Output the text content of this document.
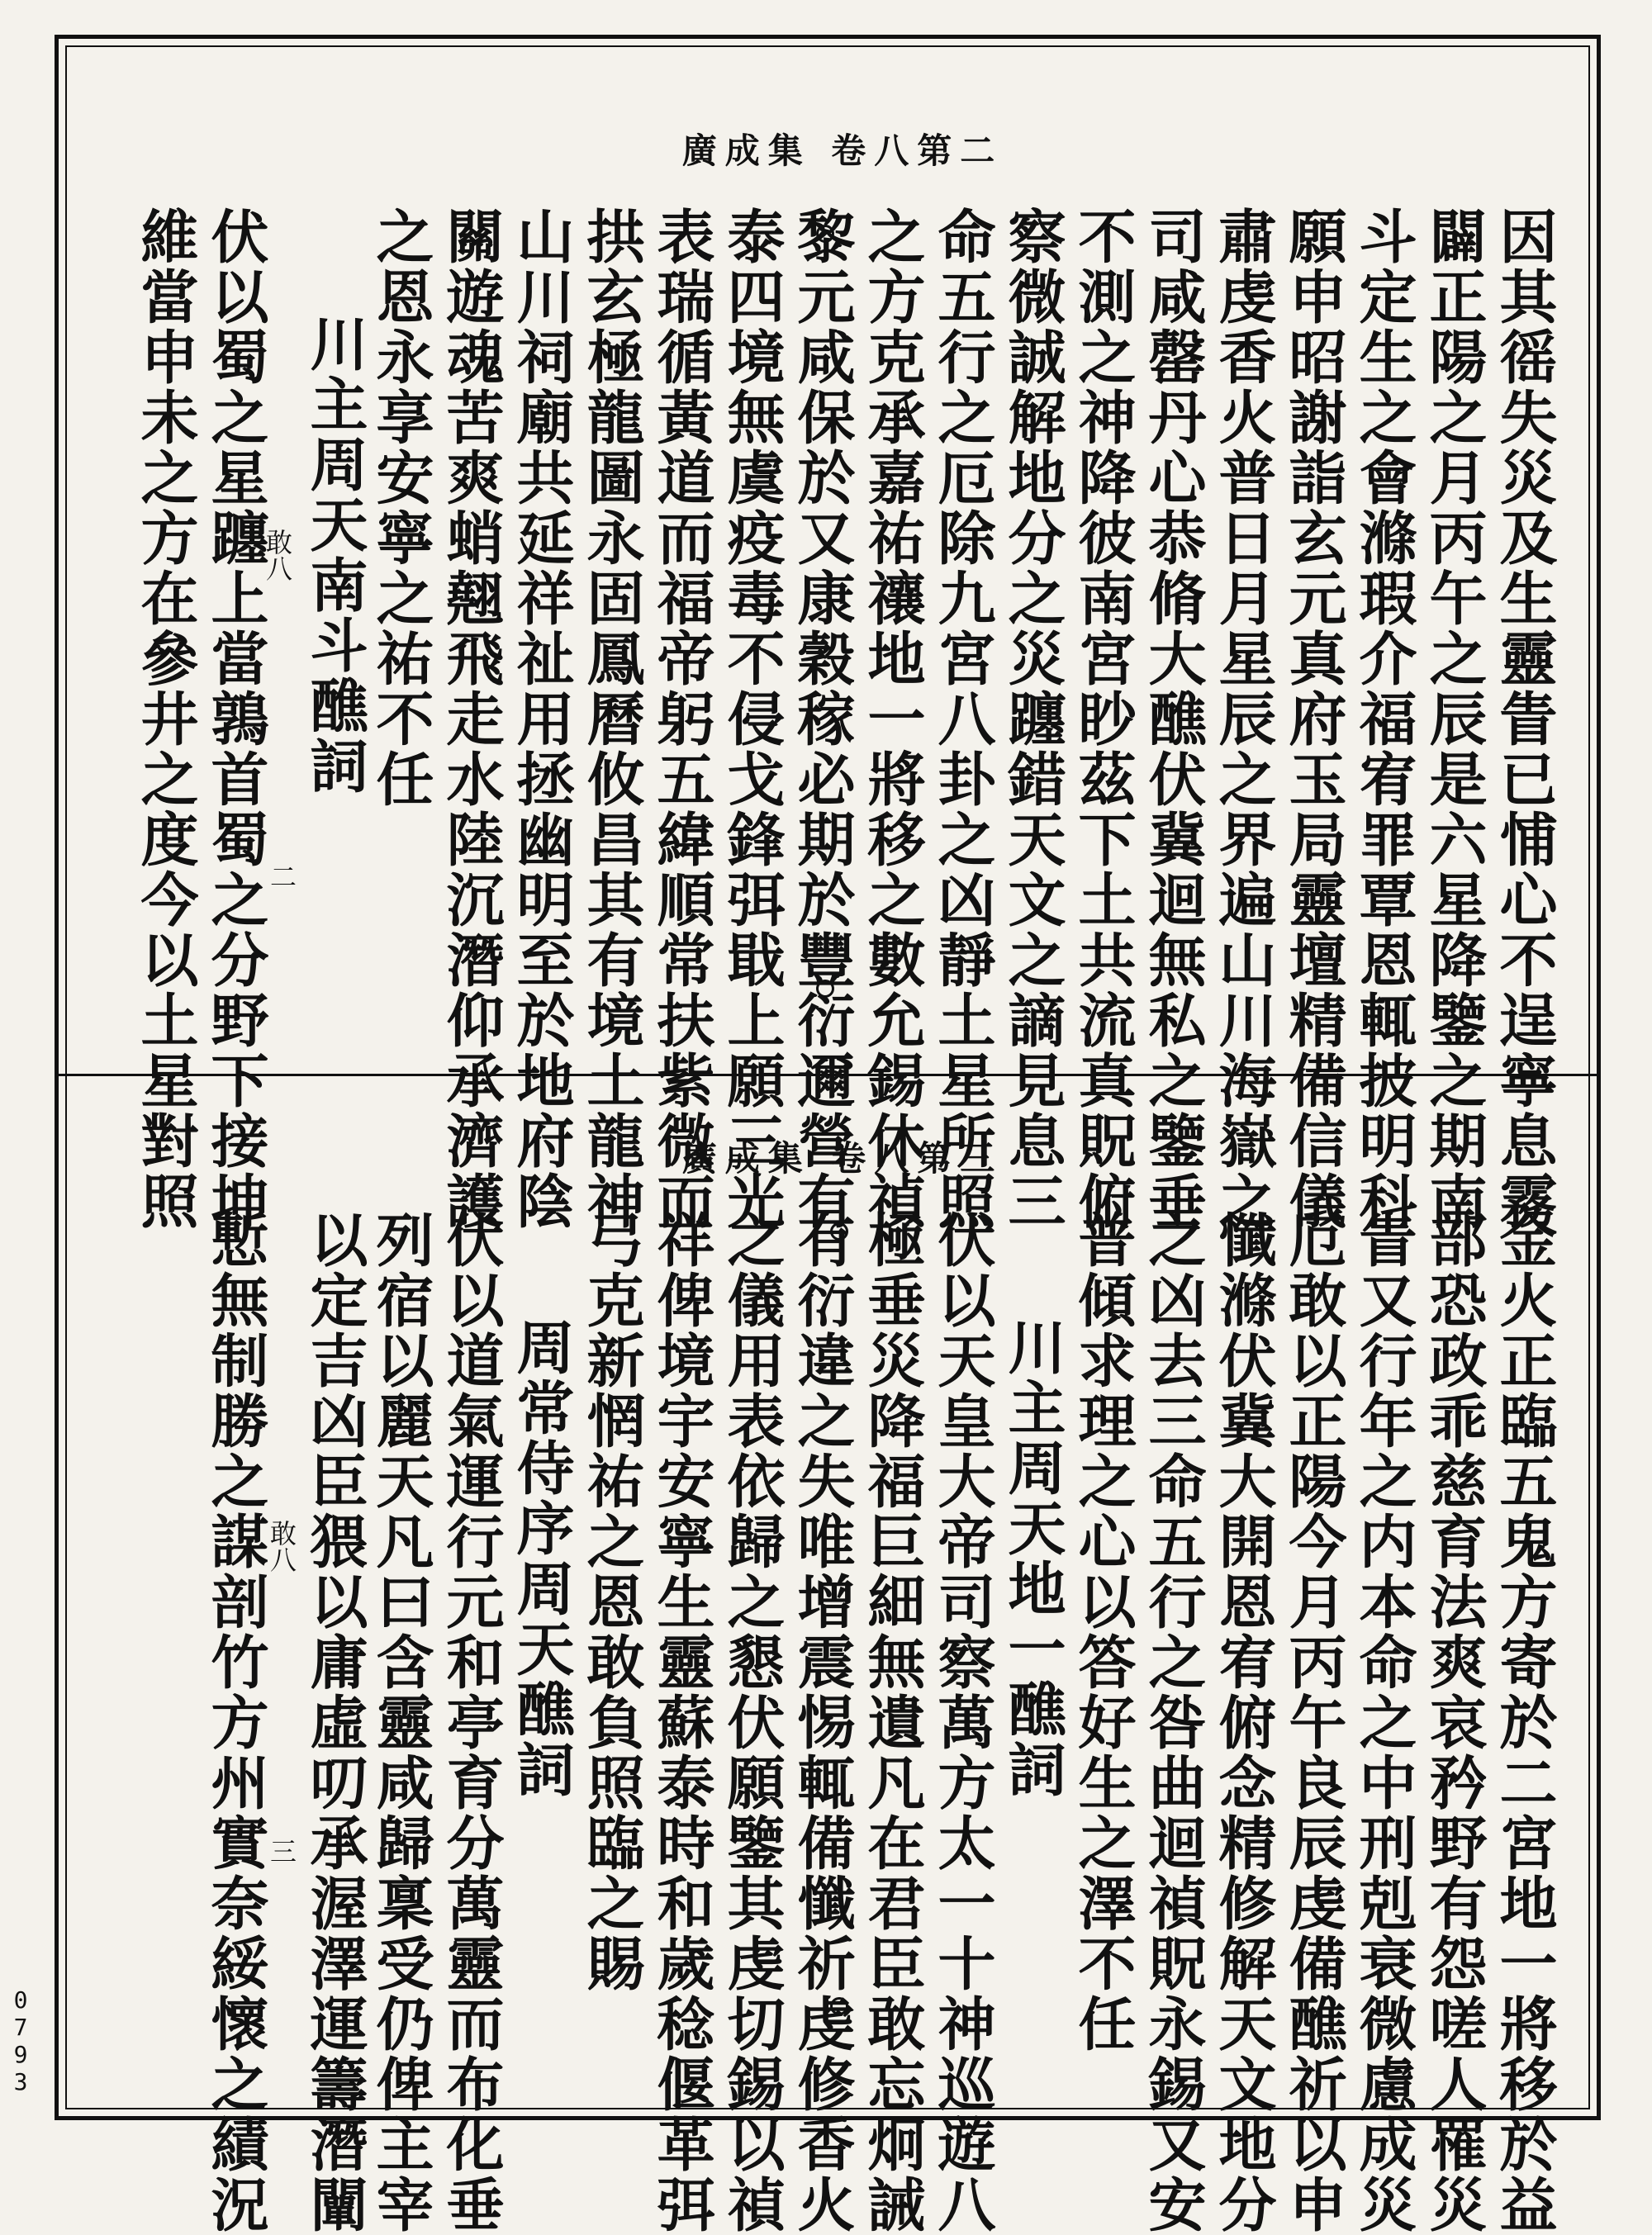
廣成集 卷八第二
廣成集 卷八第三	因其徭失災及生靈眚已悑心不逞寧息霧
闢正陽之月丙午之辰是六星降鑒之期南
斗定生之會滌瑕介福宥罪覃恩輒披明科
願申昭謝詣玄元真府玉局靈壇精備信儀
肅虔香火普日月星辰之界遍山川海嶽之
司咸罄丹心恭脩大醮伏冀迴無私之鑒垂
不測之神降彼南宮眇茲下土共流真貺俯
察微誠解地分之災躔錯天文之謫見息三
命五行之厄除九宮八卦之凶靜土星所照
之方克承嘉祐禳地一將移之數允錫休禎
黎元咸保於又康穀稼必期於豐衍邇營有
泰四境無虞疫毒不侵戈鋒弭戢上願三光
表瑞循黃道而福帝躬五緯順常扶紫微而
拱玄極龍圖永固鳳曆攸昌其有境土龍神
山川祠廟共延祥祉用拯幽明至於地府陰
關遊魂苦爽蛸翹飛走水陸沉潛仰承濟護
之恩永享安寧之祐不任
川主周天南斗醮詞
伏以蜀之星躔上當鶉首蜀之分野下接坤
維當申未之方在參井之度今以土星對照
金火正臨五鬼方寄於二宮地一將移於益
部恐政乖慈育法爽哀矜野有怨嗟人罹災
眚又行年之内本命之中刑剋衰微慮成災
厄敢以正陽今月丙午良辰虔備醮祈以申
懺滌伏冀大開恩宥俯念精修解天文地分
之凶去三命五行之咎曲迴禎貺永錫又安
普傾求理之心以答好生之澤不任
川主周天地一醮詞
伏以天皇大帝司察萬方太一十神巡遊八
極垂災降福巨細無遺凡在君臣敢忘炯誡
有衍違之失唯增震惕輒備懺祈虔修香火
之儀用表依歸之懇伏願鑒其虔切錫以禎
祥俾境宇安寧生靈蘇泰時和歲稔偃革弭
弓克新惘祐之恩敢負照臨之賜
周常侍序周天醮詞
伏以道氣運行元和亭育分萬靈而布化垂
列宿以麗天凡曰含靈咸歸稟受仍俾主宰
以定吉凶臣猥以庸虛叨承渥澤運籌潛闡
慙無制勝之謀剖竹方州實奈綏懷之績況
敢八
二
敢八
三
0793
